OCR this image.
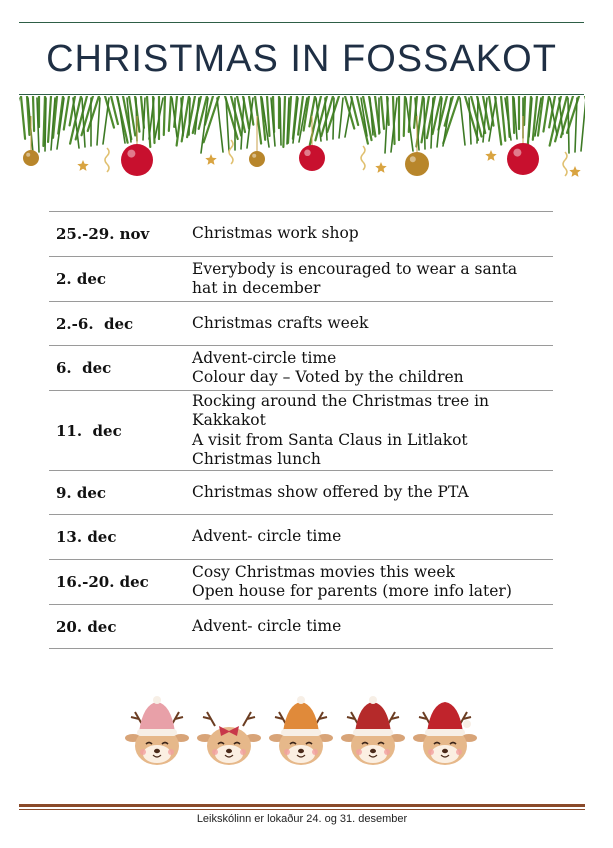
CHRISTMAS IN FOSSAKOT
25.-29. nov	Christmas work shop

2. dec	Everybody is encouraged to wear a santa
hat in december

2.-6.  dec	Christmas crafts week

6.  dec	Advent-circle time
Colour day – Voted by the children

11.  dec	Rocking around the Christmas tree in
Kakkakot
A visit from Santa Claus in Litlakot
Christmas lunch

9. dec	Christmas show offered by the PTA

13. dec	Advent- circle time

16.-20. dec	Cosy Christmas movies this week
Open house for parents (more info later)

20. dec	Advent- circle time
Leikskólinn er lokaður 24. og 31. desember
